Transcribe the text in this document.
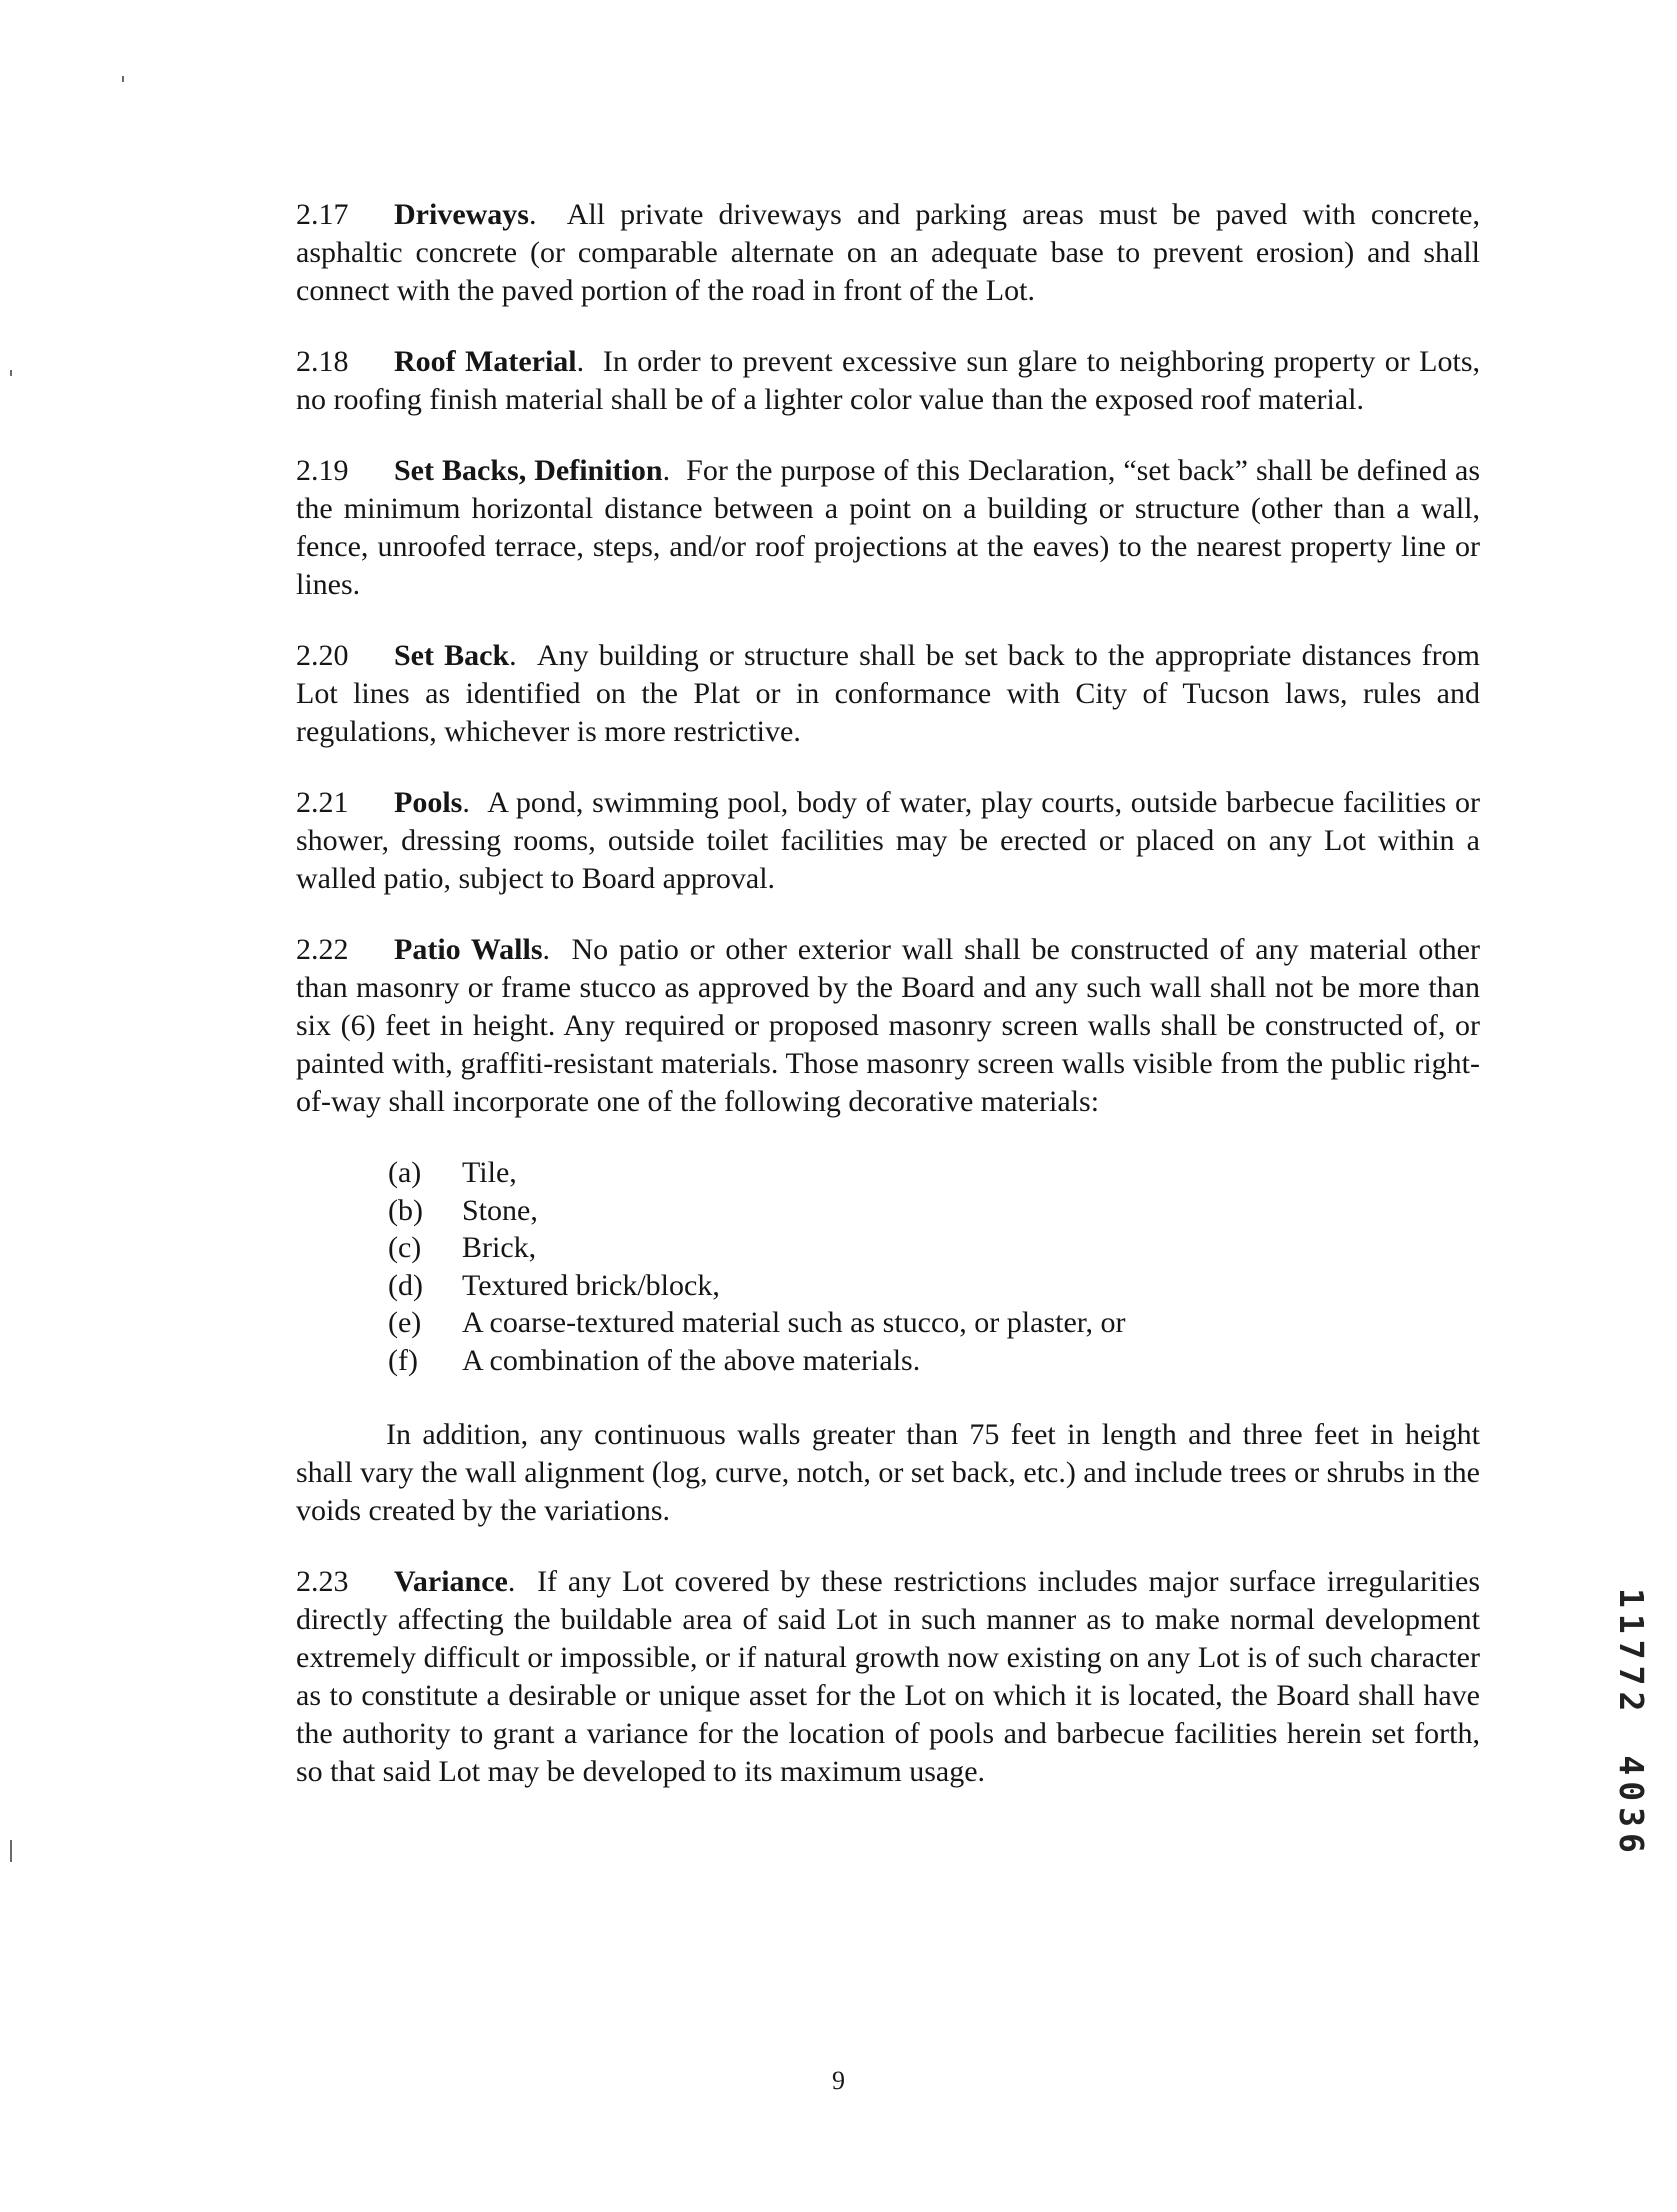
2.17 Driveways.  All private driveways and parking areas must be paved with concrete, asphaltic concrete (or comparable alternate on an adequate base to prevent erosion) and shall connect with the paved portion of the road in front of the Lot.

2.18 Roof Material.  In order to prevent excessive sun glare to neighboring property or Lots, no roofing finish material shall be of a lighter color value than the exposed roof material.

2.19 Set Backs, Definition.  For the purpose of this Declaration, “set back” shall be defined as the minimum horizontal distance between a point on a building or structure (other than a wall, fence, unroofed terrace, steps, and/or roof projections at the eaves) to the nearest property line or lines.

2.20 Set Back.  Any building or structure shall be set back to the appropriate distances from Lot lines as identified on the Plat or in conformance with City of Tucson laws, rules and regulations, whichever is more restrictive.

2.21 Pools.  A pond, swimming pool, body of water, play courts, outside barbecue facilities or shower, dressing rooms, outside toilet facilities may be erected or placed on any Lot within a walled patio, subject to Board approval.

2.22 Patio Walls.  No patio or other exterior wall shall be constructed of any material other than masonry or frame stucco as approved by the Board and any such wall shall not be more than six (6) feet in height. Any required or proposed masonry screen walls shall be constructed of, or painted with, graffiti-resistant materials. Those masonry screen walls visible from the public right-of-way shall incorporate one of the following decorative materials:

(a) Tile,
(b) Stone,
(c) Brick,
(d) Textured brick/block,
(e) A coarse-textured material such as stucco, or plaster, or
(f) A combination of the above materials.

In addition, any continuous walls greater than 75 feet in length and three feet in height shall vary the wall alignment (log, curve, notch, or set back, etc.) and include trees or shrubs in the voids created by the variations.

2.23 Variance.  If any Lot covered by these restrictions includes major surface irregularities directly affecting the buildable area of said Lot in such manner as to make normal development extremely difficult or impossible, or if natural growth now existing on any Lot is of such character as to constitute a desirable or unique asset for the Lot on which it is located, the Board shall have the authority to grant a variance for the location of pools and barbecue facilities herein set forth, so that said Lot may be developed to its maximum usage.

117724036
9
